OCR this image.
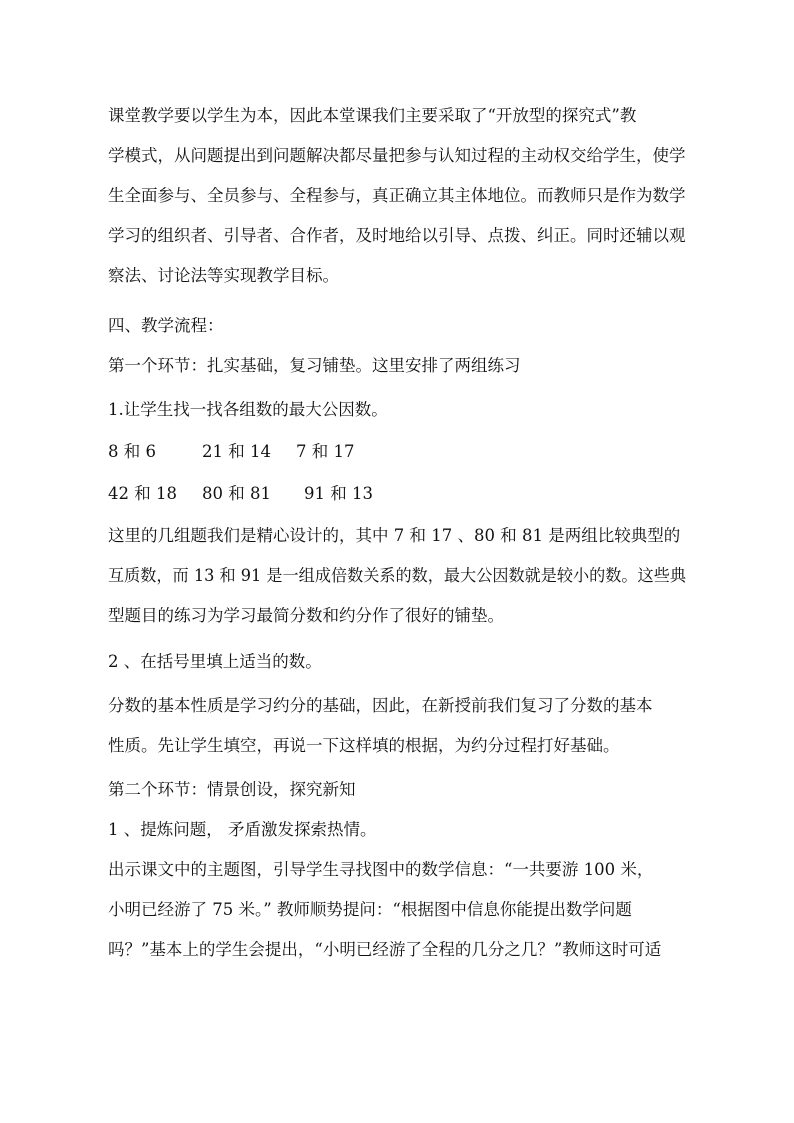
课堂教学要以学生为本，因此本堂课我们主要采取了“开放型的探究式”教
学模式，从问题提出到问题解决都尽量把参与认知过程的主动权交给学生，使学
生全面参与、全员参与、全程参与，真正确立其主体地位。而教师只是作为数学
学习的组织者、引导者、合作者，及时地给以引导、点拨、纠正。同时还辅以观
察法、讨论法等实现教学目标。
四、教学流程：
第一个环节：扎实基础，复习铺垫。这里安排了两组练习
1.让学生找一找各组数的最大公因数。
8 和 6	21 和 14 7 和 17
42 和 18 80 和 81 91 和 13
这里的几组题我们是精心设计的，其中 7 和 17 、80 和 81 是两组比较典型的
互质数，而 13 和 91 是一组成倍数关系的数，最大公因数就是较小的数。这些典
型题目的练习为学习最简分数和约分作了很好的铺垫。
2 、在括号里填上适当的数。
分数的基本性质是学习约分的基础，因此，在新授前我们复习了分数的基本
性质。先让学生填空，再说一下这样填的根据，为约分过程打好基础。
第二个环节：情景创设，探究新知
1 、提炼问题， 矛盾激发探索热情。
出示课文中的主题图，引导学生寻找图中的数学信息：“一共要游 100 米，
小明已经游了 75 米。” 教师顺势提问：“根据图中信息你能提出数学问题
吗？”基本上的学生会提出，“小明已经游了全程的几分之几？”教师这时可适
